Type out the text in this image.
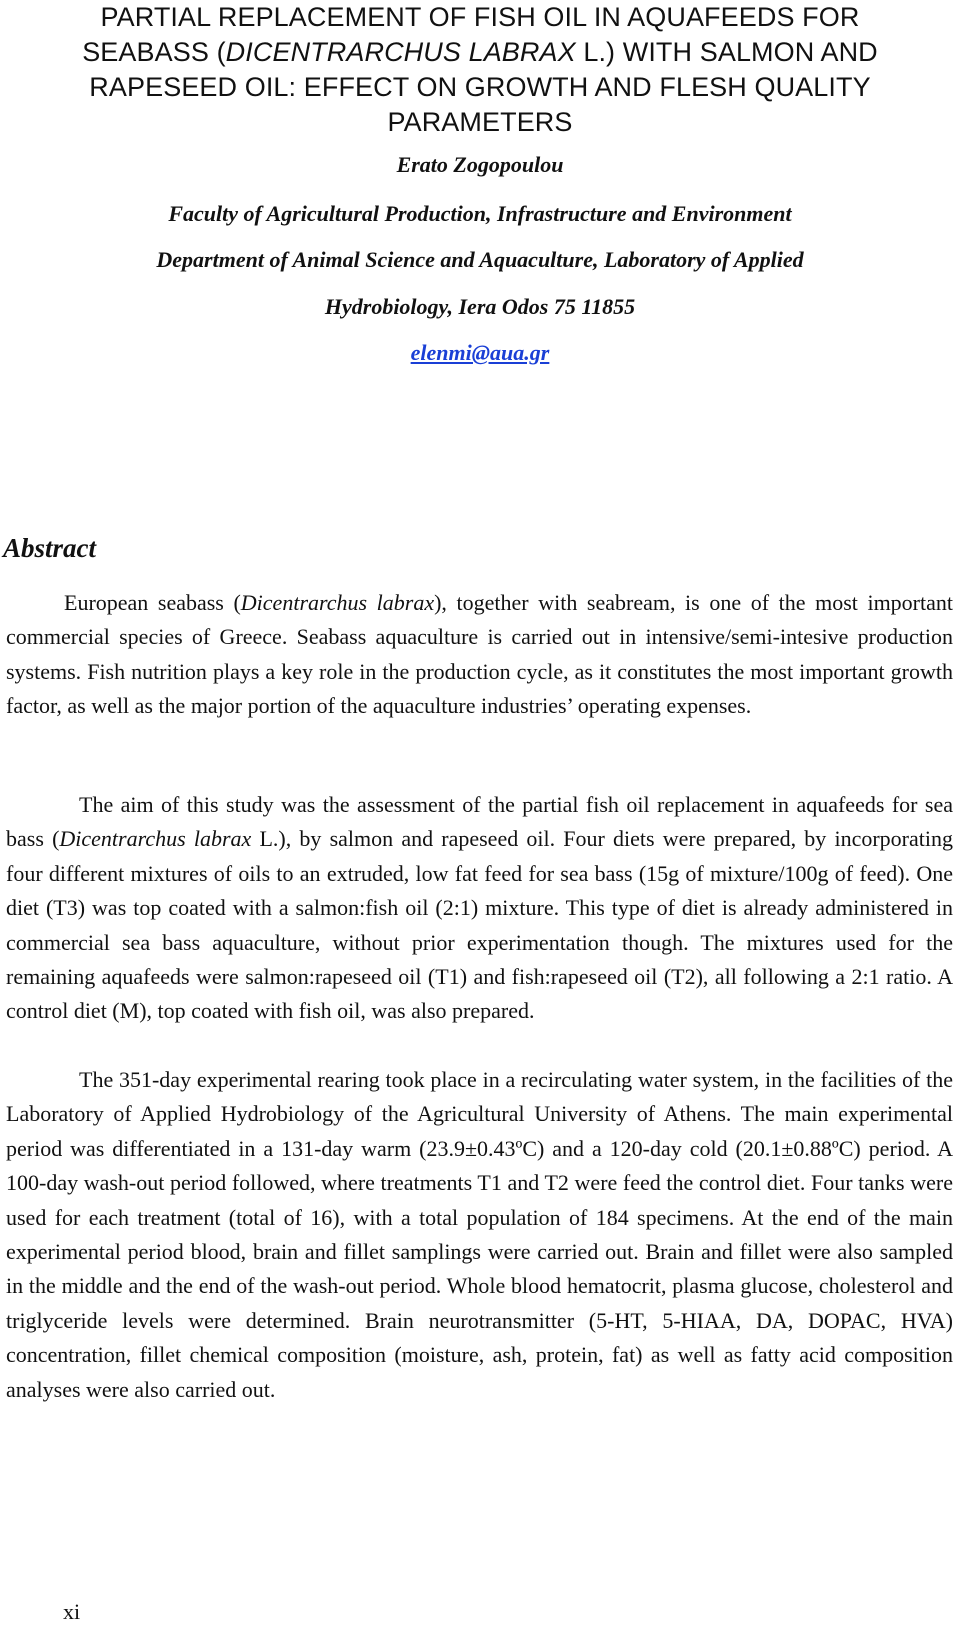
PARTIAL REPLACEMENT OF FISH OIL IN AQUAFEEDS FOR
SEABASS (DICENTRARCHUS LABRAX L.) WITH SALMON AND
RAPESEED OIL: EFFECT ON GROWTH AND FLESH QUALITY
PARAMETERS
Erato Zogopoulou
Faculty of Agricultural Production, Infrastructure and Environment
Department of Animal Science and Aquaculture, Laboratory of Applied
Hydrobiology, Iera Odos 75 11855
elenmi@aua.gr
Abstract

European seabass (Dicentrarchus labrax), together with seabream, is one of the most important commercial species of Greece. Seabass aquaculture is carried out in intensive/semi-intesive production systems. Fish nutrition plays a key role in the production cycle, as it constitutes the most important growth factor, as well as the major portion of the aquaculture industries’ operating expenses.

The aim of this study was the assessment of the partial fish oil replacement in aquafeeds for sea bass (Dicentrarchus labrax L.), by salmon and rapeseed oil. Four diets were prepared, by incorporating four different mixtures of oils to an extruded, low fat feed for sea bass (15g of mixture/100g of feed). One diet (T3) was top coated with a salmon:fish oil (2:1) mixture. This type of diet is already administered in commercial sea bass aquaculture, without prior experimentation though. The mixtures used for the remaining aquafeeds were salmon:rapeseed oil (T1) and fish:rapeseed oil (T2), all following a 2:1 ratio. A control diet (M), top coated with fish oil, was also prepared.

The 351-day experimental rearing took place in a recirculating water system, in the facilities of the Laboratory of Applied Hydrobiology of the Agricultural University of Athens. The main experimental period was differentiated in a 131-day warm (23.9±0.43ºC) and a 120-day cold (20.1±0.88ºC) period. A 100-day wash-out period followed, where treatments T1 and T2 were feed the control diet. Four tanks were used for each treatment (total of 16), with a total population of 184 specimens. At the end of the main experimental period blood, brain and fillet samplings were carried out. Brain and fillet were also sampled in the middle and the end of the wash-out period. Whole blood hematocrit, plasma glucose, cholesterol and triglyceride levels were determined. Brain neurotransmitter (5-HT, 5-HIAA, DA, DOPAC, HVA) concentration, fillet chemical composition (moisture, ash, protein, fat) as well as fatty acid composition analyses were also carried out.

xi
